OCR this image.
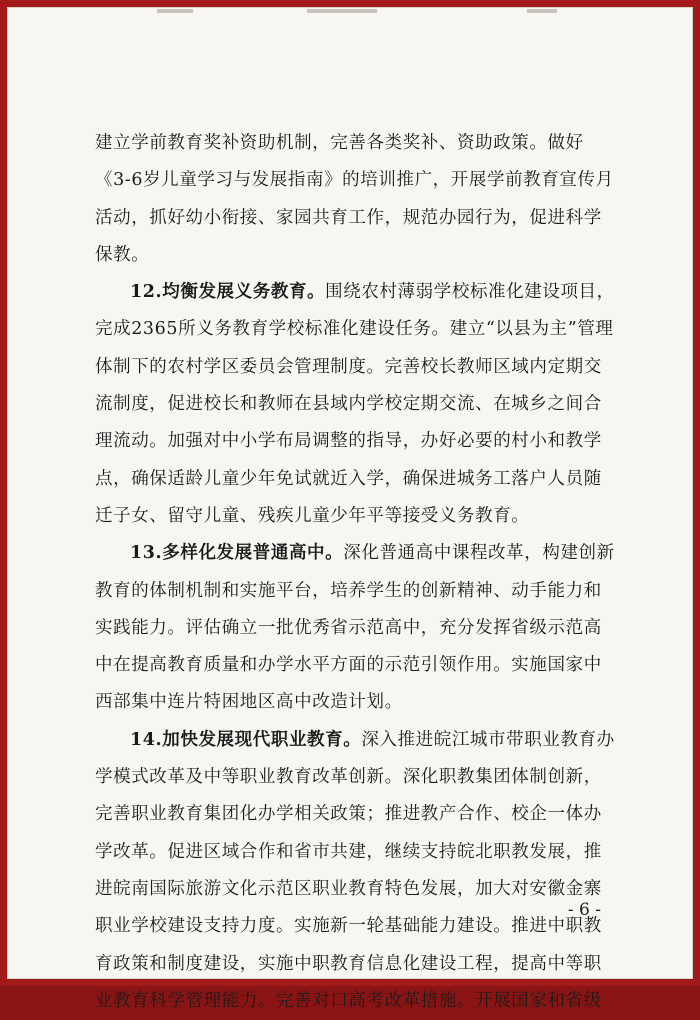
建立学前教育奖补资助机制，完善各类奖补、资助政策。做好《3-6岁儿童学习与发展指南》的培训推广，开展学前教育宣传月活动，抓好幼小衔接、家园共育工作，规范办园行为，促进科学保教。

12.均衡发展义务教育。围绕农村薄弱学校标准化建设项目，完成2365所义务教育学校标准化建设任务。建立“以县为主”管理体制下的农村学区委员会管理制度。完善校长教师区域内定期交流制度，促进校长和教师在县域内学校定期交流、在城乡之间合理流动。加强对中小学布局调整的指导，办好必要的村小和教学点，确保适龄儿童少年免试就近入学，确保进城务工落户人员随迁子女、留守儿童、残疾儿童少年平等接受义务教育。

13.多样化发展普通高中。深化普通高中课程改革，构建创新教育的体制机制和实施平台，培养学生的创新精神、动手能力和实践能力。评估确立一批优秀省示范高中，充分发挥省级示范高中在提高教育质量和办学水平方面的示范引领作用。实施国家中西部集中连片特困地区高中改造计划。

14.加快发展现代职业教育。深入推进皖江城市带职业教育办学模式改革及中等职业教育改革创新。深化职教集团体制创新，完善职业教育集团化办学相关政策；推进教产合作、校企一体办学改革。促进区域合作和省市共建，继续支持皖北职教发展，推进皖南国际旅游文化示范区职业教育特色发展，加大对安徽金寨职业学校建设支持力度。实施新一轮基础能力建设。推进中职教育政策和制度建设，实施中职教育信息化建设工程，提高中等职业教育科学管理能力。完善对口高考改革措施。开展国家和省级

- 6 -
